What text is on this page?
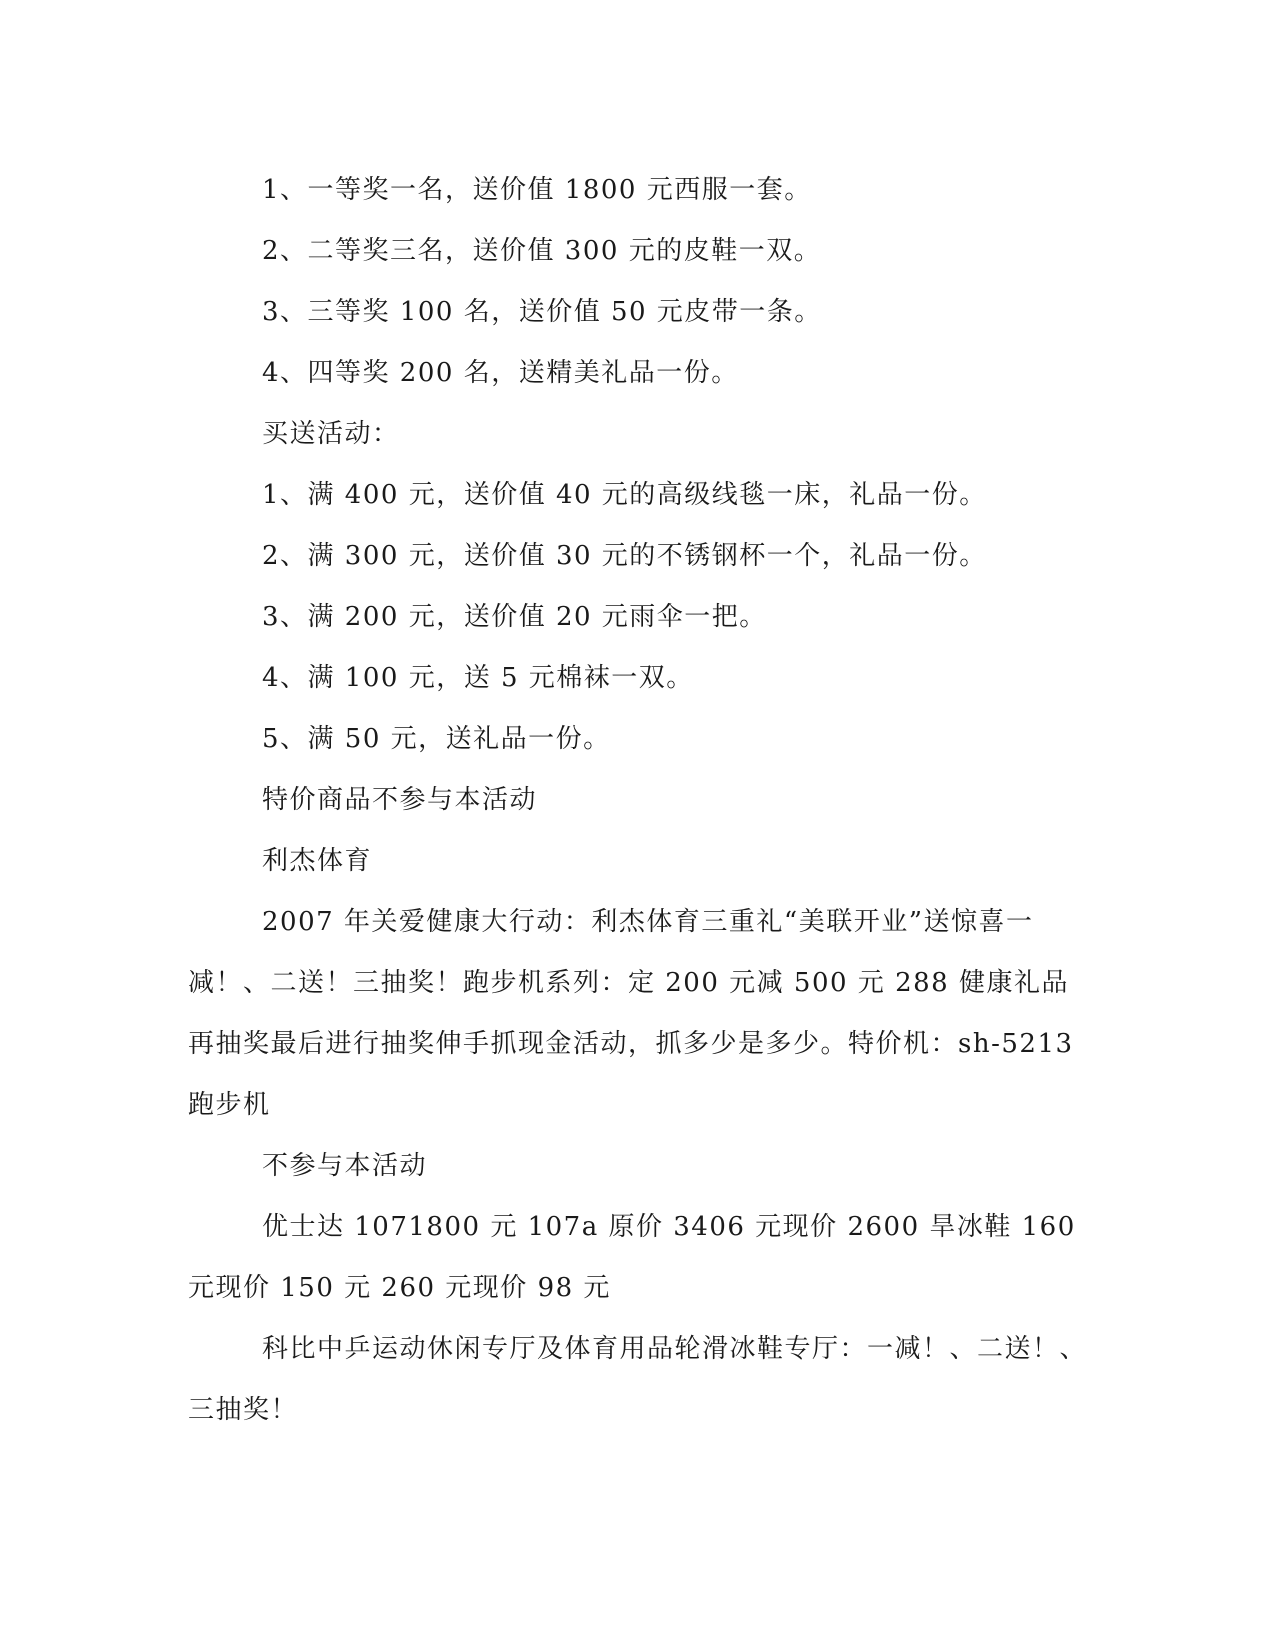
1、一等奖一名，送价值 1800 元西服一套。

2、二等奖三名，送价值 300 元的皮鞋一双。

3、三等奖 100 名，送价值 50 元皮带一条。

4、四等奖 200 名，送精美礼品一份。

买送活动：

1、满 400 元，送价值 40 元的高级线毯一床，礼品一份。

2、满 300 元，送价值 30 元的不锈钢杯一个，礼品一份。

3、满 200 元，送价值 20 元雨伞一把。

4、满 100 元，送 5 元棉袜一双。

5、满 50 元，送礼品一份。

特价商品不参与本活动

利杰体育

2007 年关爱健康大行动：利杰体育三重礼“美联开业”送惊喜一减！、二送！三抽奖！跑步机系列：定 200 元减 500 元 288 健康礼品再抽奖最后进行抽奖伸手抓现金活动，抓多少是多少。特价机：sh-5213 跑步机

不参与本活动

优士达 1071800 元 107a 原价 3406 元现价 2600 旱冰鞋 160 元现价 150 元 260 元现价 98 元

科比中乒运动休闲专厅及体育用品轮滑冰鞋专厅：一减！、二送！、三抽奖！
